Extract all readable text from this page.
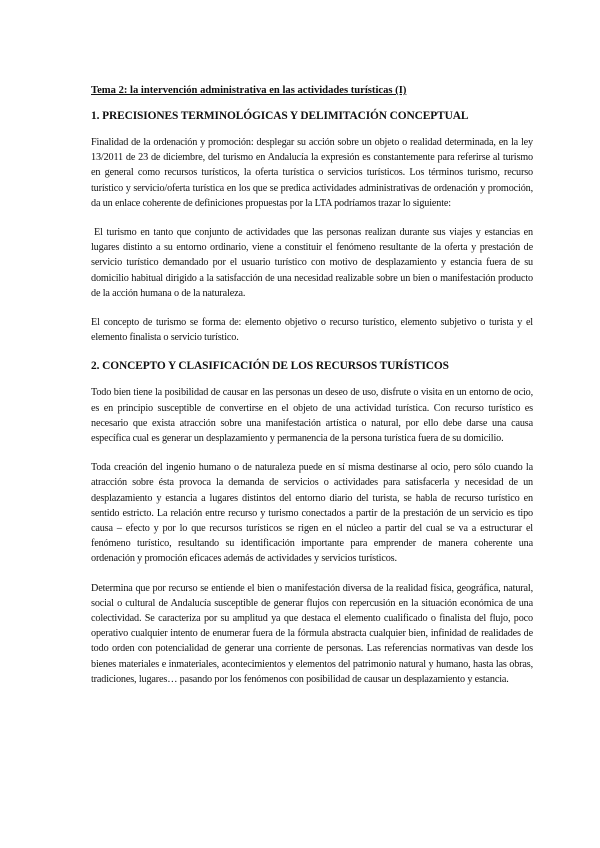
Tema 2: la intervención administrativa en las actividades turísticas (I)
1. PRECISIONES TERMINOLÓGICAS Y DELIMITACIÓN CONCEPTUAL

Finalidad de la ordenación y promoción: desplegar su acción sobre un objeto o realidad determinada, en la ley 13/2011 de 23 de diciembre, del turismo en Andalucía la expresión es constantemente para referirse al turismo en general como recursos turísticos, la oferta turística o servicios turísticos. Los términos turismo, recurso turístico y servicio/oferta turística en los que se predica actividades administrativas de ordenación y promoción, da un enlace coherente de definiciones propuestas por la LTA podríamos trazar lo siguiente:

El turismo en tanto que conjunto de actividades que las personas realizan durante sus viajes y estancias en lugares distinto a su entorno ordinario, viene a constituir el fenómeno resultante de la oferta y prestación de servicio turístico demandado por el usuario turístico con motivo de desplazamiento y estancia fuera de su domicilio habitual dirigido a la satisfacción de una necesidad realizable sobre un bien o manifestación producto de la acción humana o de la naturaleza.

El concepto de turismo se forma de: elemento objetivo o recurso turístico, elemento subjetivo o turista y el elemento finalista o servicio turístico.

2. CONCEPTO Y CLASIFICACIÓN DE LOS RECURSOS TURÍSTICOS

Todo bien tiene la posibilidad de causar en las personas un deseo de uso, disfrute o visita en un entorno de ocio, es en principio susceptible de convertirse en el objeto de una actividad turística. Con recurso turístico es necesario que exista atracción sobre una manifestación artística o natural, por ello debe darse una causa específica cual es generar un desplazamiento y permanencia de la persona turística fuera de su domicilio.

Toda creación del ingenio humano o de naturaleza puede en sí misma destinarse al ocio, pero sólo cuando la atracción sobre ésta provoca la demanda de servicios o actividades para satisfacerla y necesidad de un desplazamiento y estancia a lugares distintos del entorno diario del turista, se habla de recurso turístico en sentido estricto. La relación entre recurso y turismo conectados a partir de la prestación de un servicio es tipo causa – efecto y por lo que recursos turísticos se rigen en el núcleo a partir del cual se va a estructurar el fenómeno turístico, resultando su identificación importante para emprender de manera coherente una ordenación y promoción eficaces además de actividades y servicios turísticos.

Determina que por recurso se entiende el bien o manifestación diversa de la realidad física, geográfica, natural, social o cultural de Andalucía susceptible de generar flujos con repercusión en la situación económica de una colectividad. Se caracteriza por su amplitud ya que destaca el elemento cualificado o finalista del flujo, poco operativo cualquier intento de enumerar fuera de la fórmula abstracta cualquier bien, infinidad de realidades de todo orden con potencialidad de generar una corriente de personas. Las referencias normativas van desde los bienes materiales e inmateriales, acontecimientos y elementos del patrimonio natural y humano, hasta las obras, tradiciones, lugares… pasando por los fenómenos con posibilidad de causar un desplazamiento y estancia.
